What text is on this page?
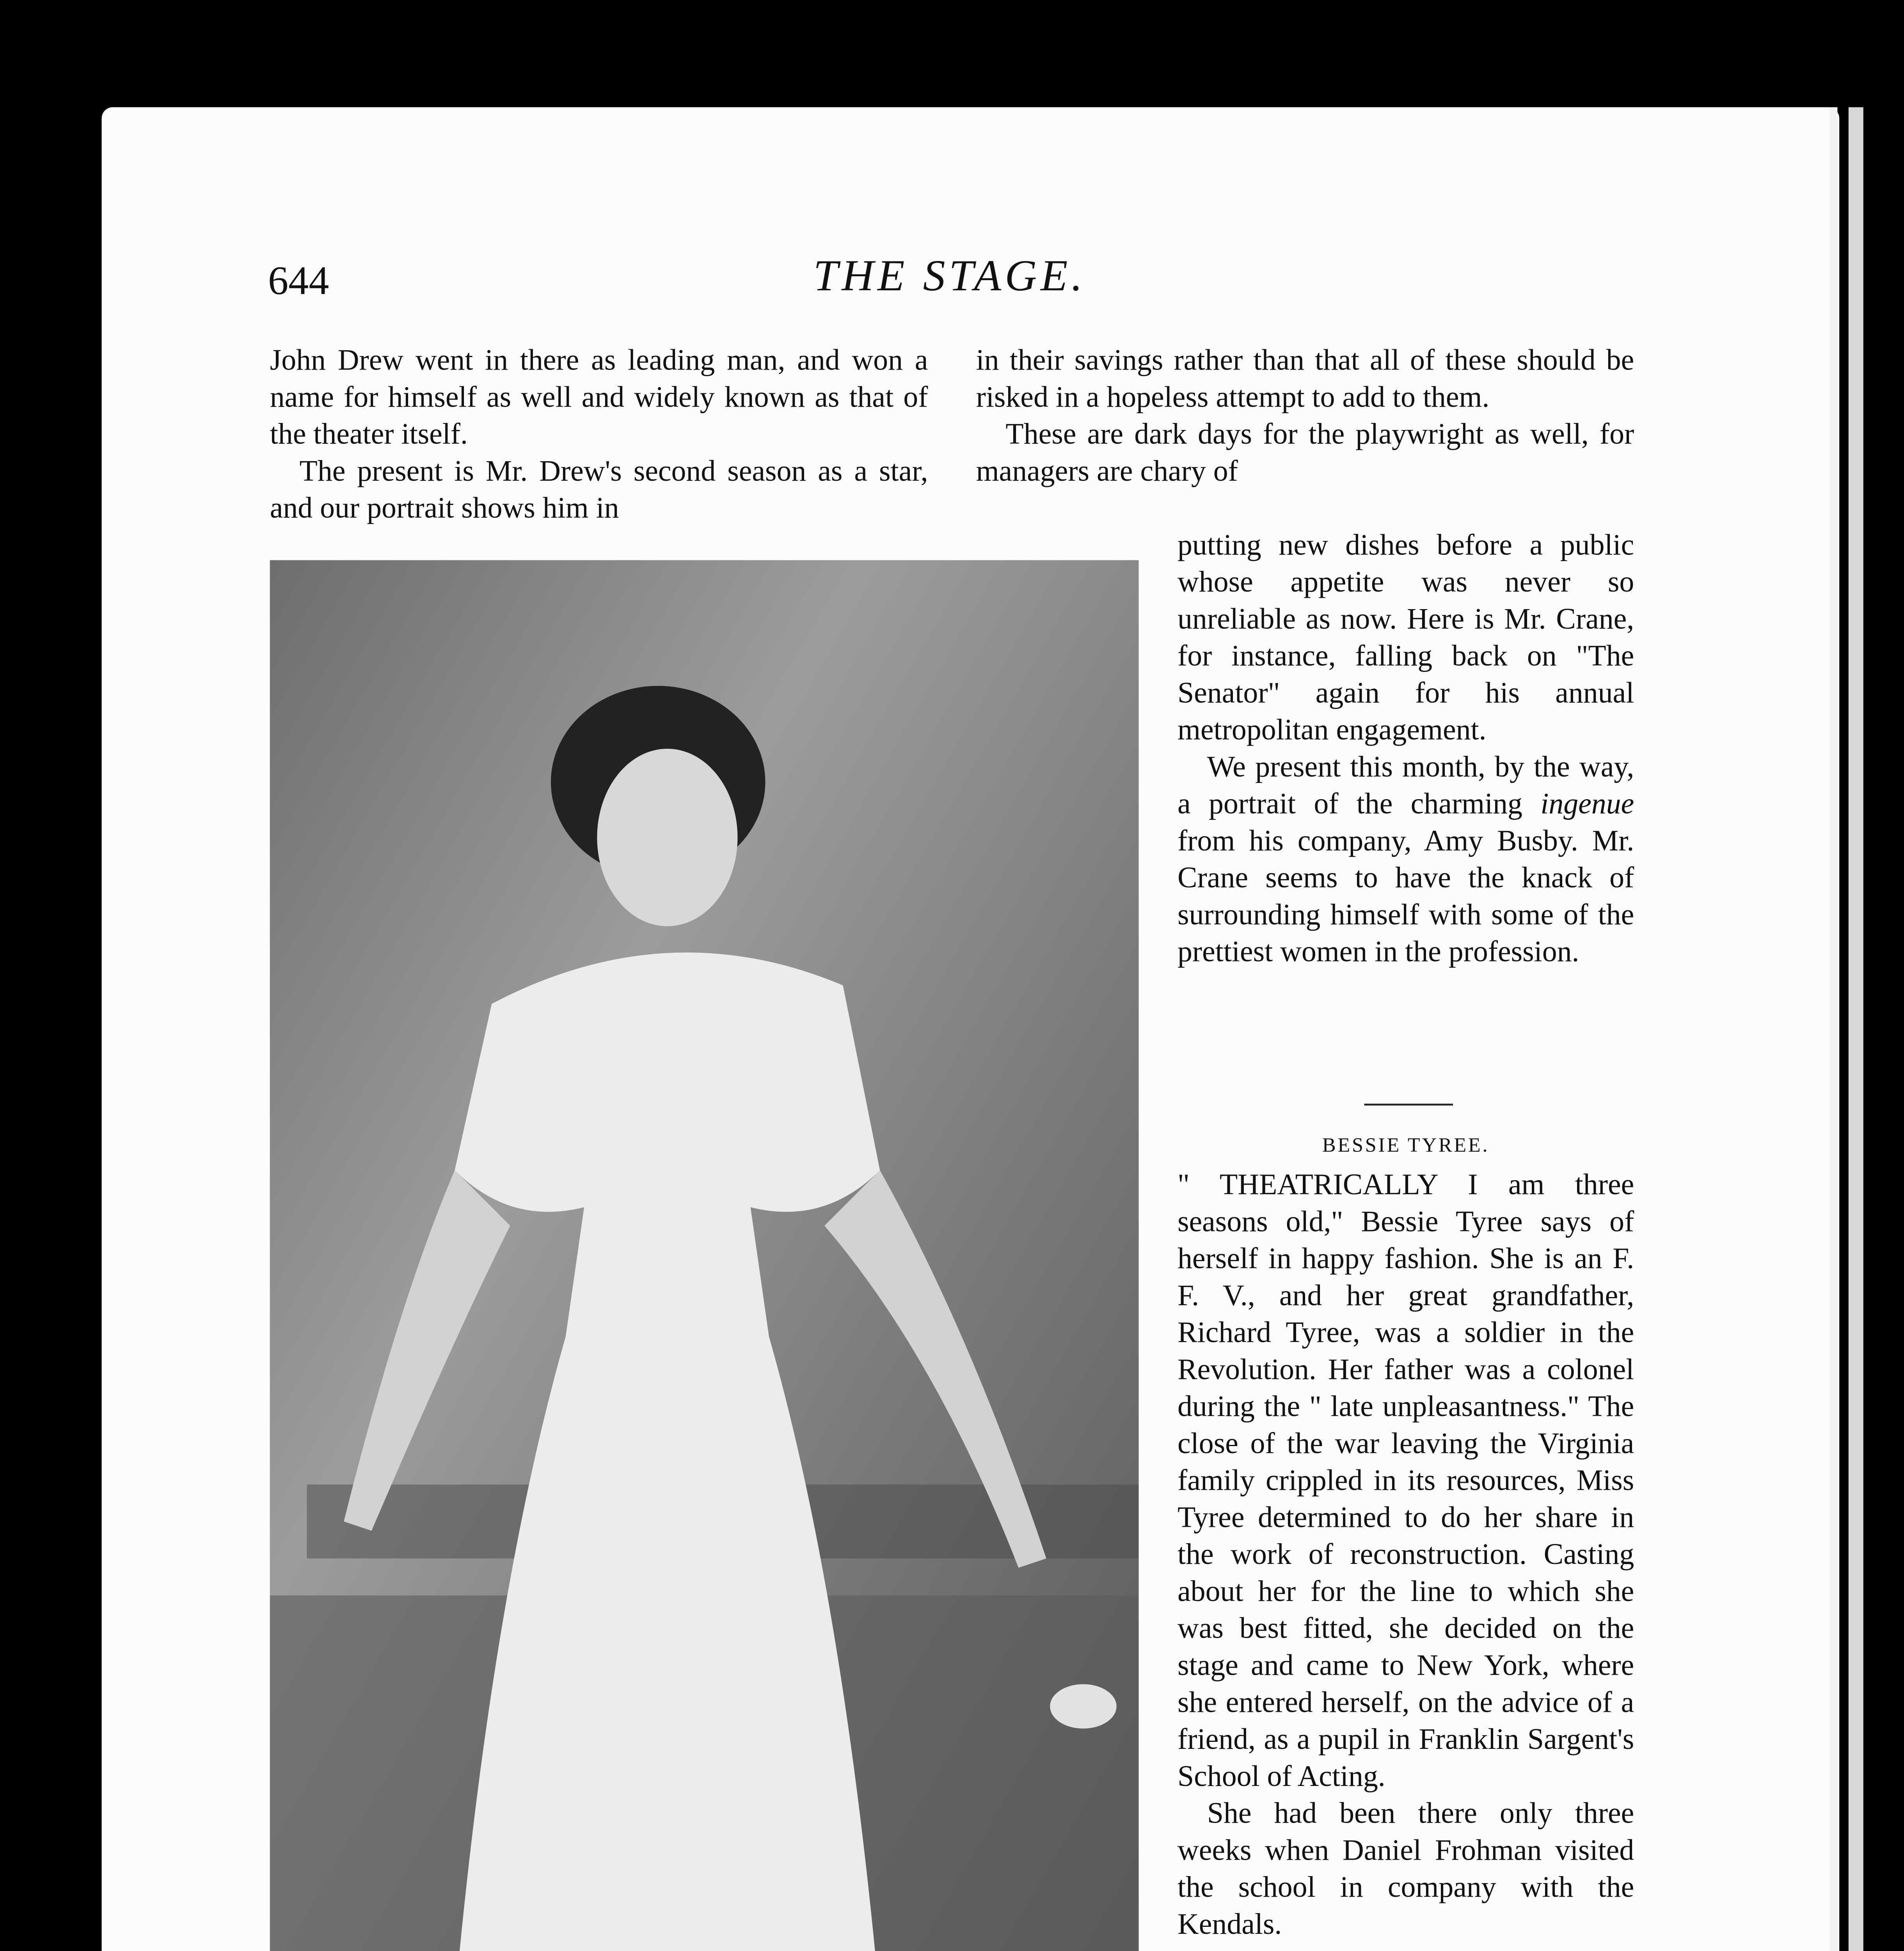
644	THE STAGE.

John Drew went in there as leading man, and won a name for himself as well and widely known as that of the theater itself.

The present is Mr. Drew's second season as a star, and our portrait shows him in

in their savings rather than that all of these should be risked in a hopeless attempt to add to them.

These are dark days for the playwright as well, for managers are chary of

putting new dishes before a public whose appetite was never so unreliable as now. Here is Mr. Crane, for instance, falling back on "The Senator" again for his annual metropolitan engagement.

We present this month, by the way, a portrait of the charming	ingenue from his company, Amy Busby. Mr. Crane seems to have the knack of surrounding himself with some of the prettiest women in the profession.

BESSIE TYREE.

" THEATRICALLY I am three seasons old," Bessie Tyree says of herself in happy fashion. She is an F. F. V., and her great grandfather, Richard Tyree, was a soldier in the Revolution. Her father was a colonel during the " late unpleasantness." The close of the war leaving the Virginia family crippled in its resources, Miss Tyree determined to do her share in the work of reconstruction. Casting about her for the line to which she was best fitted, she decided on the stage and came to New York, where she entered herself, on the advice of a friend, as a pupil in Franklin Sargent's School of Acting.

She had been there only three weeks when Daniel Frohman visited the school in company with the Kendals.
